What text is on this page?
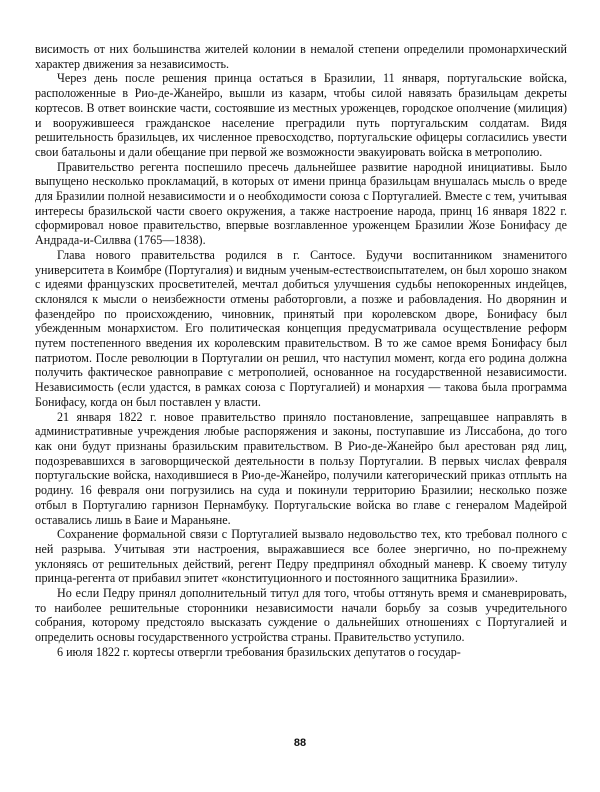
висимость от них большинства жителей колонии в немалой степени определили промонархический характер движения за независимость.

Через день после решения принца остаться в Бразилии, 11 января, португальские войска, расположенные в Рио-де-Жанейро, вышли из казарм, чтобы силой навязать бразильцам декреты кортесов. В ответ воинские части, состоявшие из местных уроженцев, городское ополчение (милиция) и вооружившееся гражданское население преградили путь португальским солдатам. Видя решительность бразильцев, их численное превосходство, португальские офицеры согласились увести свои батальоны и дали обещание при первой же возможности эвакуировать войска в метрополию.

Правительство регента поспешило пресечь дальнейшее развитие народной инициативы. Было выпущено несколько прокламаций, в которых от имени принца бразильцам внушалась мысль о вреде для Бразилии полной независимости и о необходимости союза с Португалией. Вместе с тем, учитывая интересы бразильской части своего окружения, а также настроение народа, принц 16 января 1822 г. сформировал новое правительство, впервые возглавленное уроженцем Бразилии Жозе Бонифасу де Андрада-и-Силвва (1765—1838).

Глава нового правительства родился в г. Сантосе. Будучи воспитанником знаменитого университета в Коимбре (Португалия) и видным ученым-естествоиспытателем, он был хорошо знаком с идеями французских просветителей, мечтал добиться улучшения судьбы непокоренных индейцев, склонялся к мысли о неизбежности отмены работорговли, а позже и рабовладения. Но дворянин и фазендейро по происхождению, чиновник, принятый при королевском дворе, Бонифасу был убежденным монархистом. Его политическая концепция предусматривала осуществление реформ путем постепенного введения их королевским правительством. В то же самое время Бонифасу был патриотом. После революции в Португалии он решил, что наступил момент, когда его родина должна получить фактическое равноправие с метрополией, основанное на государственной независимости. Независимость (если удастся, в рамках союза с Португалией) и монархия — такова была программа Бонифасу, когда он был поставлен у власти.

21 января 1822 г. новое правительство приняло постановление, запрещавшее направлять в административные учреждения любые распоряжения и законы, поступавшие из Лиссабона, до того как они будут признаны бразильским правительством. В Рио-де-Жанейро был арестован ряд лиц, подозревавшихся в заговорщической деятельности в пользу Португалии. В первых числах февраля португальские войска, находившиеся в Рио-де-Жанейро, получили категорический приказ отплыть на родину. 16 февраля они погрузились на суда и покинули территорию Бразилии; несколько позже отбыл в Португалию гарнизон Пернамбуку. Португальские войска во главе с генералом Мадейрой оставались лишь в Баие и Мараньяне.

Сохранение формальной связи с Португалией вызвало недовольство тех, кто требовал полного с ней разрыва. Учитывая эти настроения, выражавшиеся все более энергично, но по-прежнему уклоняясь от решительных действий, регент Педру предпринял обходный маневр. К своему титулу принца-регента от прибавил эпитет «конституционного и постоянного защитника Бразилии».

Но если Педру принял дополнительный титул для того, чтобы оттянуть время и сманеврировать, то наиболее решительные сторонники независимости начали борьбу за созыв учредительного собрания, которому предстояло высказать суждение о дальнейших отношениях с Португалией и определить основы государственного устройства страны. Правительство уступило.

6 июля 1822 г. кортесы отвергли требования бразильских депутатов о государ-

88
